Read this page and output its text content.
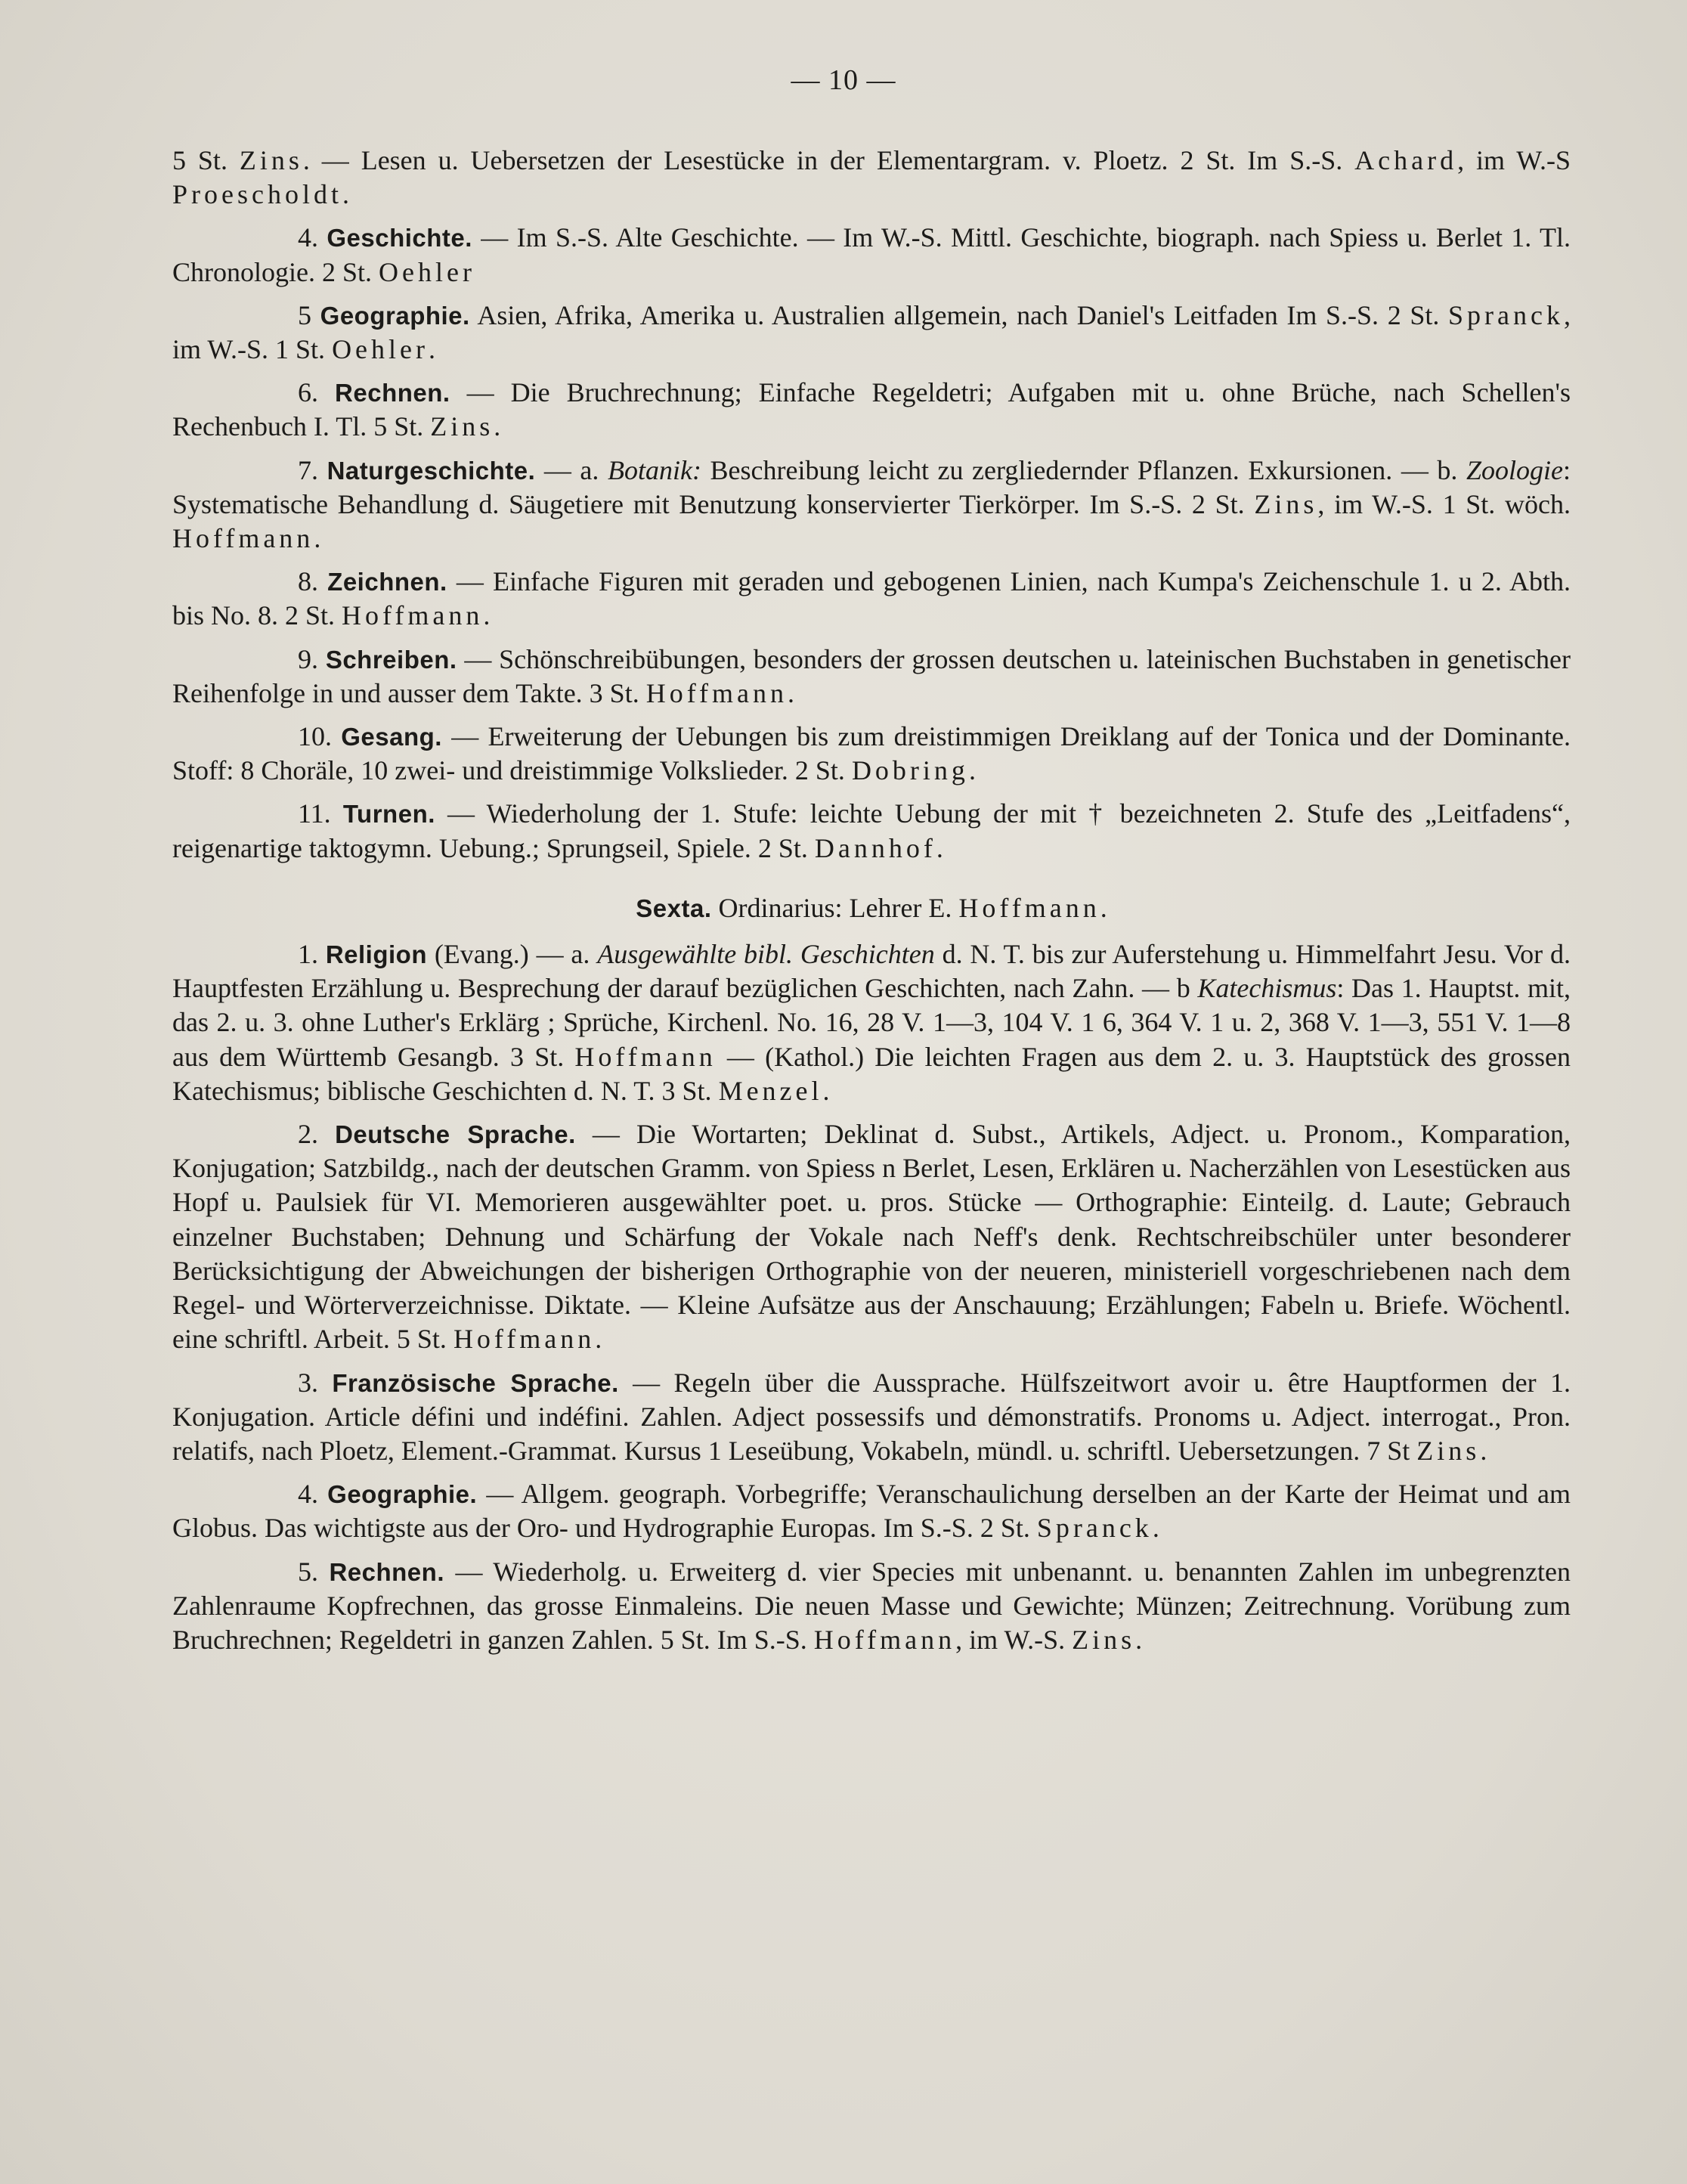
— 10 —

5 St. Zins. — Lesen u. Uebersetzen der Lesestücke in der Elementargram. v. Ploetz. 2 St. Im S.-S. Achard, im W.-S Proescholdt.

4. Geschichte. — Im S.-S. Alte Geschichte. — Im W.-S. Mittl. Geschichte, biograph. nach Spiess u. Berlet 1. Tl. Chronologie. 2 St. Oehler

5 Geographie. Asien, Afrika, Amerika u. Australien allgemein, nach Daniel's Leitfaden Im S.-S. 2 St. Spranck, im W.-S. 1 St. Oehler.

6. Rechnen. — Die Bruchrechnung; Einfache Regeldetri; Aufgaben mit u. ohne Brüche, nach Schellen's Rechenbuch I. Tl. 5 St. Zins.

7. Naturgeschichte. — a. Botanik: Beschreibung leicht zu zergliedernder Pflanzen. Exkursionen. — b. Zoologie: Systematische Behandlung d. Säugetiere mit Benutzung konservierter Tierkörper. Im S.-S. 2 St. Zins, im W.-S. 1 St. wöch. Hoffmann.

8. Zeichnen. — Einfache Figuren mit geraden und gebogenen Linien, nach Kumpa's Zeichenschule 1. u 2. Abth. bis No. 8. 2 St. Hoffmann.

9. Schreiben. — Schönschreibübungen, besonders der grossen deutschen u. lateinischen Buchstaben in genetischer Reihenfolge in und ausser dem Takte. 3 St. Hoffmann.

10. Gesang. — Erweiterung der Uebungen bis zum dreistimmigen Dreiklang auf der Tonica und der Dominante. Stoff: 8 Choräle, 10 zwei- und dreistimmige Volkslieder. 2 St. Dobring.

11. Turnen. — Wiederholung der 1. Stufe: leichte Uebung der mit † bezeichneten 2. Stufe des „Leitfadens“, reigenartige taktogymn. Uebung.; Sprungseil, Spiele. 2 St. Dannhof.

Sexta. Ordinarius: Lehrer E. Hoffmann.

1. Religion (Evang.) — a. Ausgewählte bibl. Geschichten d. N. T. bis zur Auferstehung u. Himmelfahrt Jesu. Vor d. Hauptfesten Erzählung u. Besprechung der darauf bezüglichen Geschichten, nach Zahn. — b Katechismus: Das 1. Hauptst. mit, das 2. u. 3. ohne Luther's Erklärg ; Sprüche, Kirchenl. No. 16, 28 V. 1—3, 104 V. 1 6, 364 V. 1 u. 2, 368 V. 1—3, 551 V. 1—8 aus dem Württemb Gesangb. 3 St. Hoffmann — (Kathol.) Die leichten Fragen aus dem 2. u. 3. Hauptstück des grossen Katechismus; biblische Geschichten d. N. T. 3 St. Menzel.

2. Deutsche Sprache. — Die Wortarten; Deklinat d. Subst., Artikels, Adject. u. Pronom., Komparation, Konjugation; Satzbildg., nach der deutschen Gramm. von Spiess n Berlet, Lesen, Erklären u. Nacherzählen von Lesestücken aus Hopf u. Paulsiek für VI. Memorieren ausgewählter poet. u. pros. Stücke — Orthographie: Einteilg. d. Laute; Gebrauch einzelner Buchstaben; Dehnung und Schärfung der Vokale nach Neff's denk. Rechtschreibschüler unter besonderer Berücksichtigung der Abweichungen der bisherigen Orthographie von der neueren, ministeriell vorgeschriebenen nach dem Regel- und Wörterverzeichnisse. Diktate. — Kleine Aufsätze aus der Anschauung; Erzählungen; Fabeln u. Briefe. Wöchentl. eine schriftl. Arbeit. 5 St. Hoffmann.

3. Französische Sprache. — Regeln über die Aussprache. Hülfszeitwort avoir u. être Hauptformen der 1. Konjugation. Article défini und indéfini. Zahlen. Adject possessifs und démonstratifs. Pronoms u. Adject. interrogat., Pron. relatifs, nach Ploetz, Element.-Grammat. Kursus 1 Leseübung, Vokabeln, mündl. u. schriftl. Uebersetzungen. 7 St Zins.

4. Geographie. — Allgem. geograph. Vorbegriffe; Veranschaulichung derselben an der Karte der Heimat und am Globus. Das wichtigste aus der Oro- und Hydrographie Europas. Im S.-S. 2 St. Spranck.

5. Rechnen. — Wiederholg. u. Erweiterg d. vier Species mit unbenannt. u. benannten Zahlen im unbegrenzten Zahlenraume Kopfrechnen, das grosse Einmaleins. Die neuen Masse und Gewichte; Münzen; Zeitrechnung. Vorübung zum Bruchrechnen; Regeldetri in ganzen Zahlen. 5 St. Im S.-S. Hoffmann, im W.-S. Zins.
